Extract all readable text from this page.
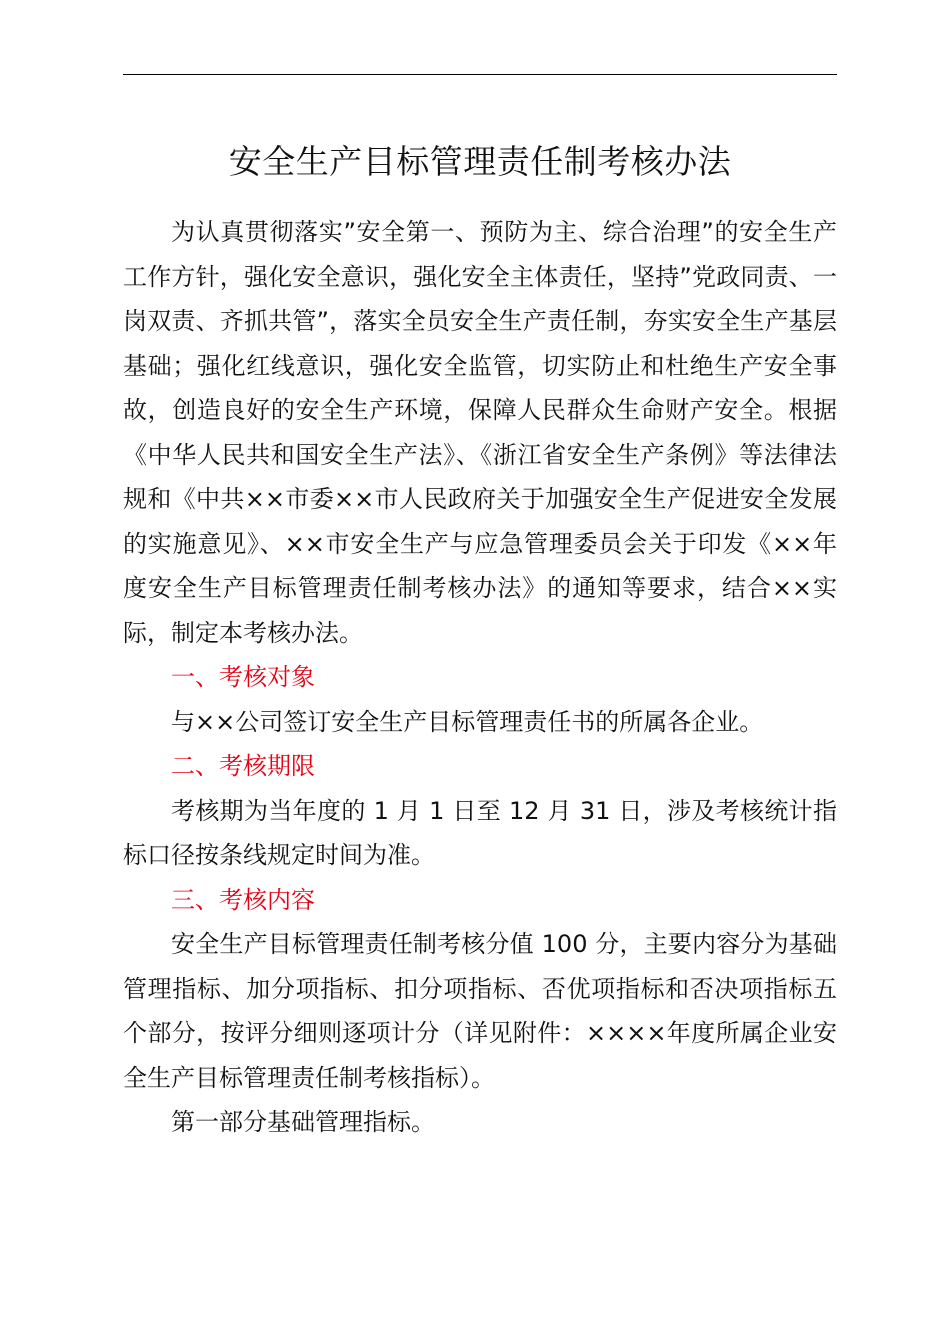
安全生产目标管理责任制考核办法

为认真贯彻落实”安全第一、预防为主、综合治理”的安全生产工作方针，强化安全意识，强化安全主体责任，坚持”党政同责、一岗双责、齐抓共管”，落实全员安全生产责任制，夯实安全生产基层基础；强化红线意识，强化安全监管，切实防止和杜绝生产安全事故，创造良好的安全生产环境，保障人民群众生命财产安全。根据《中华人民共和国安全生产法》、《浙江省安全生产条例》等法律法规和《中共××市委××市人民政府关于加强安全生产促进安全发展的实施意见》、××市安全生产与应急管理委员会关于印发《××年度安全生产目标管理责任制考核办法》的通知等要求，结合××实际，制定本考核办法。

一、考核对象

与××公司签订安全生产目标管理责任书的所属各企业。

二、考核期限

考核期为当年度的 1 月 1 日至 12 月 31 日，涉及考核统计指标口径按条线规定时间为准。

三、考核内容

安全生产目标管理责任制考核分值 100 分，主要内容分为基础管理指标、加分项指标、扣分项指标、否优项指标和否决项指标五个部分，按评分细则逐项计分（详见附件：××××年度所属企业安全生产目标管理责任制考核指标）。

第一部分基础管理指标。
